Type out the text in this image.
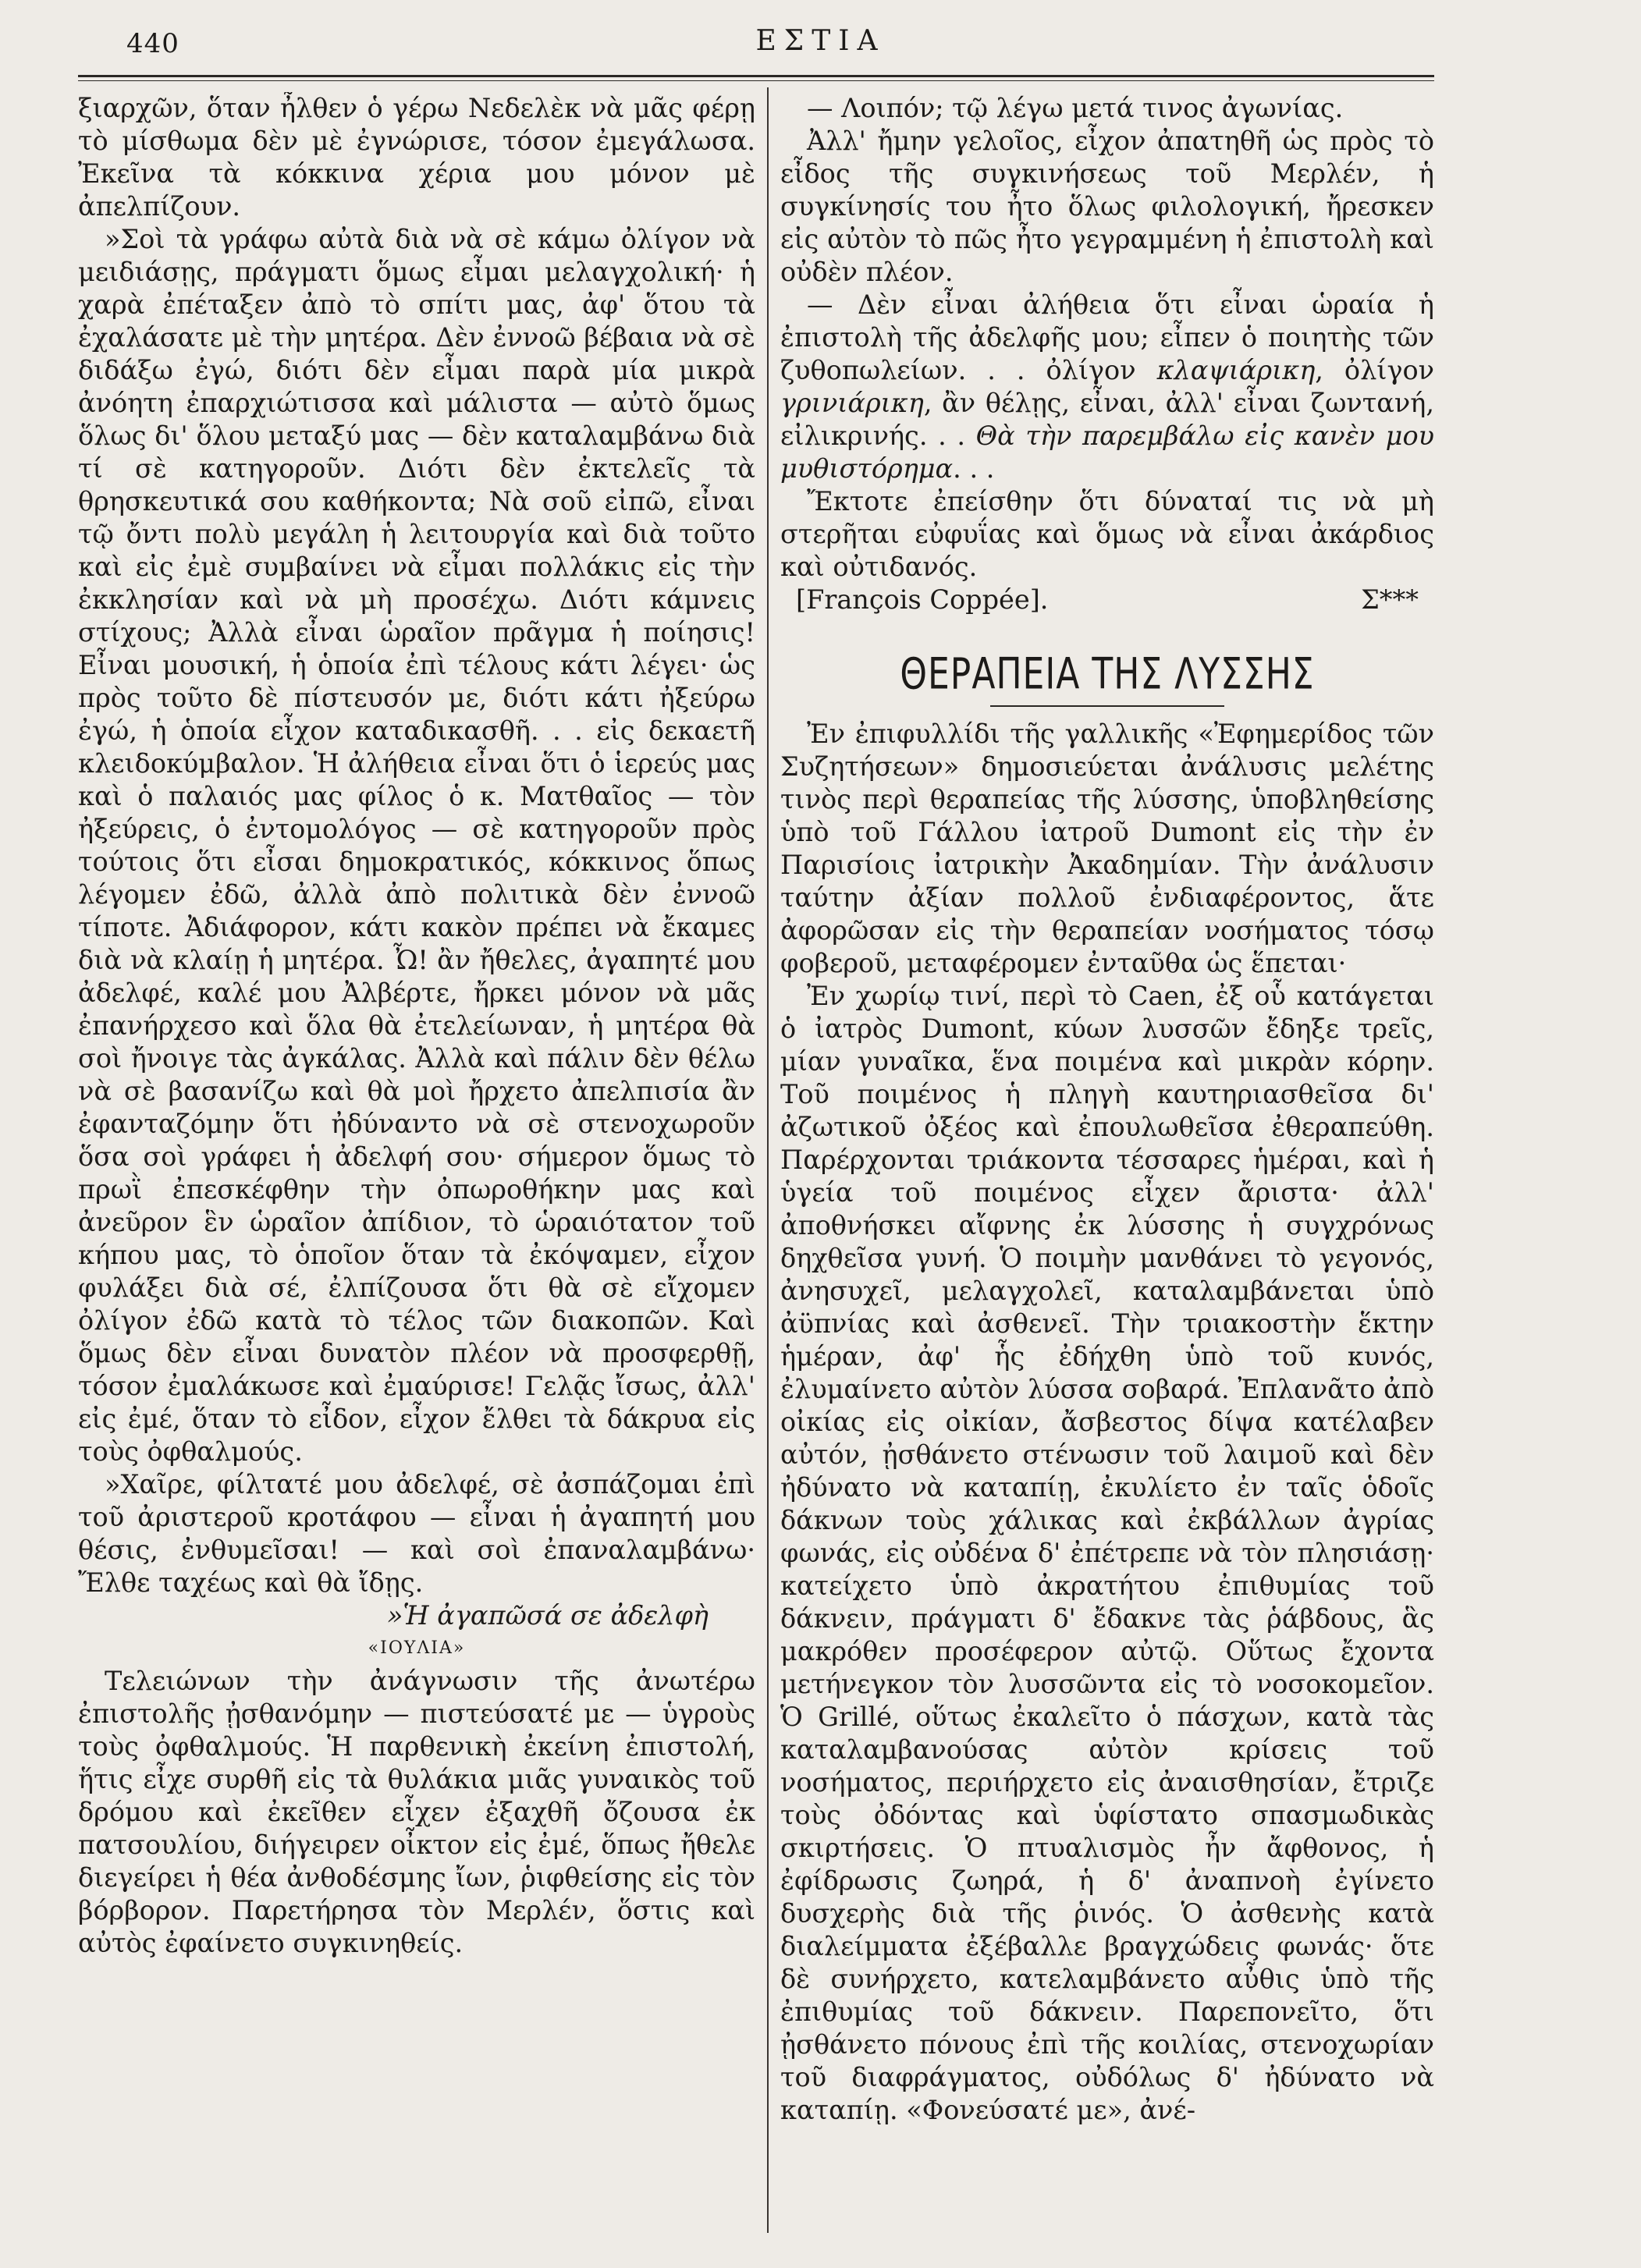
440	ΕΣΤΙΑ

ξιαρχῶν, ὅταν ἦλθεν ὁ γέρω Νεδελὲκ νὰ μᾶς φέρῃ τὸ μίσθωμα δὲν μὲ ἐγνώρισε, τόσον ἐμεγάλωσα. Ἐκεῖνα τὰ κόκκινα χέρια μου μόνον μὲ ἀπελπίζουν.

»Σοὶ τὰ γράφω αὐτὰ διὰ νὰ σὲ κάμω ὀλίγον νὰ μειδιάσῃς, πράγματι ὅμως εἶμαι μελαγχολική· ἡ χαρὰ ἐπέταξεν ἀπὸ τὸ σπίτι μας, ἀφ' ὅτου τὰ ἐχαλάσατε μὲ τὴν μητέρα. Δὲν ἐννοῶ βέβαια νὰ σὲ διδάξω ἐγώ, διότι δὲν εἶμαι παρὰ μία μικρὰ ἀνόητη ἐπαρχιώτισσα καὶ μάλιστα — αὐτὸ ὅμως ὅλως δι' ὅλου μεταξύ μας — δὲν καταλαμβάνω διὰ τί σὲ κατηγοροῦν. Διότι δὲν ἐκτελεῖς τὰ θρησκευτικά σου καθήκοντα; Νὰ σοῦ εἰπῶ, εἶναι τῷ ὄντι πολὺ μεγάλη ἡ λειτουργία καὶ διὰ τοῦτο καὶ εἰς ἐμὲ συμβαίνει νὰ εἶμαι πολλάκις εἰς τὴν ἐκκλησίαν καὶ νὰ μὴ προσέχω. Διότι κάμνεις στίχους; Ἀλλὰ εἶναι ὡραῖον πρᾶγμα ἡ ποίησις! Εἶναι μουσική, ἡ ὁποία ἐπὶ τέλους κάτι λέγει· ὡς πρὸς τοῦτο δὲ πίστευσόν με, διότι κάτι ἠξεύρω ἐγώ, ἡ ὁποία εἶχον καταδικασθῆ. . . εἰς δεκαετῆ κλειδοκύμβαλον. Ἡ ἀλήθεια εἶναι ὅτι ὁ ἱερεύς μας καὶ ὁ παλαιός μας φίλος ὁ κ. Ματθαῖος — τὸν ἠξεύρεις, ὁ ἐντομολόγος — σὲ κατηγοροῦν πρὸς τούτοις ὅτι εἶσαι δημοκρατικός, κόκκινος ὅπως λέγομεν ἐδῶ, ἀλλὰ ἀπὸ πολιτικὰ δὲν ἐννοῶ τίποτε. Ἀδιάφορον, κάτι κακὸν πρέπει νὰ ἔκαμες διὰ νὰ κλαίῃ ἡ μητέρα. Ὦ! ἂν ἤθελες, ἀγαπητέ μου ἀδελφέ, καλέ μου Ἀλβέρτε, ἤρκει μόνον νὰ μᾶς ἐπανήρχεσο καὶ ὅλα θὰ ἐτελείωναν, ἡ μητέρα θὰ σοὶ ἤνοιγε τὰς ἀγκάλας. Ἀλλὰ καὶ πάλιν δὲν θέλω νὰ σὲ βασανίζω καὶ θὰ μοὶ ἤρχετο ἀπελπισία ἂν ἐφανταζόμην ὅτι ἠδύναντο νὰ σὲ στενοχωροῦν ὅσα σοὶ γράφει ἡ ἀδελφή σου· σήμερον ὅμως τὸ πρωῒ ἐπεσκέφθην τὴν ὀπωροθήκην μας καὶ ἀνεῦρον ἓν ὡραῖον ἀπίδιον, τὸ ὡραιότατον τοῦ κήπου μας, τὸ ὁποῖον ὅταν τὰ ἐκόψαμεν, εἶχον φυλάξει διὰ σέ, ἐλπίζουσα ὅτι θὰ σὲ εἴχομεν ὀλίγον ἐδῶ κατὰ τὸ τέλος τῶν διακοπῶν. Καὶ ὅμως δὲν εἶναι δυνατὸν πλέον νὰ προσφερθῇ, τόσον ἐμαλάκωσε καὶ ἐμαύρισε! Γελᾷς ἴσως, ἀλλ' εἰς ἐμέ, ὅταν τὸ εἶδον, εἶχον ἔλθει τὰ δάκρυα εἰς τοὺς ὀφθαλμούς.

»Χαῖρε, φίλτατέ μου ἀδελφέ, σὲ ἀσπάζομαι ἐπὶ τοῦ ἀριστεροῦ κροτάφου — εἶναι ἡ ἀγαπητή μου θέσις, ἐνθυμεῖσαι! — καὶ σοὶ ἐπαναλαμβάνω· Ἔλθε ταχέως καὶ θὰ ἴδῃς.

»Ἡ ἀγαπῶσά σε ἀδελφὴ

«ΙΟΥΛΙΑ»

Τελειώνων τὴν ἀνάγνωσιν τῆς ἀνωτέρω ἐπιστολῆς ᾐσθανόμην — πιστεύσατέ με — ὑγροὺς τοὺς ὀφθαλμούς. Ἡ παρθενικὴ ἐκείνη ἐπιστολή, ἥτις εἶχε συρθῆ εἰς τὰ θυλάκια μιᾶς γυναικὸς τοῦ δρόμου καὶ ἐκεῖθεν εἶχεν ἐξαχθῆ ὄζουσα ἐκ πατσουλίου, διήγειρεν οἶκτον εἰς ἐμέ, ὅπως ἤθελε διεγείρει ἡ θέα ἀνθοδέσμης ἴων, ῥιφθείσης εἰς τὸν βόρβορον. Παρετήρησα τὸν Μερλέν, ὅστις καὶ αὐτὸς ἐφαίνετο συγκινηθείς.

— Λοιπόν; τῷ λέγω μετά τινος ἀγωνίας.

Ἀλλ' ἤμην γελοῖος, εἶχον ἀπατηθῆ ὡς πρὸς τὸ εἶδος τῆς συγκινήσεως τοῦ Μερλέν, ἡ συγκίνησίς του ἦτο ὅλως φιλολογική, ἤρεσκεν εἰς αὐτὸν τὸ πῶς ἦτο γεγραμμένη ἡ ἐπιστολὴ καὶ οὐδὲν πλέον.

— Δὲν εἶναι ἀλήθεια ὅτι εἶναι ὡραία ἡ ἐπιστολὴ τῆς ἀδελφῆς μου; εἶπεν ὁ ποιητὴς τῶν ζυθοπωλείων. . . ὀλίγον κλαψιάρικη, ὀλίγον γρινιάρικη, ἂν θέλῃς, εἶναι, ἀλλ' εἶναι ζωντανή, εἰλικρινής. . . Θὰ τὴν παρεμβάλω εἰς κανὲν μου μυθιστόρημα. . .

Ἔκτοτε ἐπείσθην ὅτι δύναταί τις νὰ μὴ στερῆται εὐφυΐας καὶ ὅμως νὰ εἶναι ἀκάρδιος καὶ οὐτιδανός.

[François Coppée].	Σ***
ΘΕΡΑΠΕΙΑ ΤΗΣ ΛΥΣΣΗΣ

Ἐν ἐπιφυλλίδι τῆς γαλλικῆς «Ἐφημερίδος τῶν Συζητήσεων» δημοσιεύεται ἀνάλυσις μελέτης τινὸς περὶ θεραπείας τῆς λύσσης, ὑποβληθείσης ὑπὸ τοῦ Γάλλου ἰατροῦ Dumont εἰς τὴν ἐν Παρισίοις ἰατρικὴν Ἀκαδημίαν. Τὴν ἀνάλυσιν ταύτην ἀξίαν πολλοῦ ἐνδιαφέροντος, ἅτε ἀφορῶσαν εἰς τὴν θεραπείαν νοσήματος τόσῳ φοβεροῦ, μεταφέρομεν ἐνταῦθα ὡς ἕπεται·

Ἐν χωρίῳ τινί, περὶ τὸ Caen, ἐξ οὗ κατάγεται ὁ ἰατρὸς Dumont, κύων λυσσῶν ἔδηξε τρεῖς, μίαν γυναῖκα, ἕνα ποιμένα καὶ μικρὰν κόρην. Τοῦ ποιμένος ἡ πληγὴ καυτηριασθεῖσα δι' ἀζωτικοῦ ὀξέος καὶ ἐπουλωθεῖσα ἐθεραπεύθη. Παρέρχονται τριάκοντα τέσσαρες ἡμέραι, καὶ ἡ ὑγεία τοῦ ποιμένος εἶχεν ἄριστα· ἀλλ' ἀποθνήσκει αἴφνης ἐκ λύσσης ἡ συγχρόνως δηχθεῖσα γυνή. Ὁ ποιμὴν μανθάνει τὸ γεγονός, ἀνησυχεῖ, μελαγχολεῖ, καταλαμβάνεται ὑπὸ ἀϋπνίας καὶ ἀσθενεῖ. Τὴν τριακοστὴν ἕκτην ἡμέραν, ἀφ' ἧς ἐδήχθη ὑπὸ τοῦ κυνός, ἐλυμαίνετο αὐτὸν λύσσα σοβαρά. Ἐπλανᾶτο ἀπὸ οἰκίας εἰς οἰκίαν, ἄσβεστος δίψα κατέλαβεν αὐτόν, ᾐσθάνετο στένωσιν τοῦ λαιμοῦ καὶ δὲν ἠδύνατο νὰ καταπίῃ, ἐκυλίετο ἐν ταῖς ὁδοῖς δάκνων τοὺς χάλικας καὶ ἐκβάλλων ἀγρίας φωνάς, εἰς οὐδένα δ' ἐπέτρεπε νὰ τὸν πλησιάσῃ· κατείχετο ὑπὸ ἀκρατήτου ἐπιθυμίας τοῦ δάκνειν, πράγματι δ' ἔδακνε τὰς ῥάβδους, ἃς μακρόθεν προσέφερον αὐτῷ. Οὕτως ἔχοντα μετήνεγκον τὸν λυσσῶντα εἰς τὸ νοσοκομεῖον. Ὁ Grillé, οὕτως ἐκαλεῖτο ὁ πάσχων, κατὰ τὰς καταλαμβανούσας αὐτὸν κρίσεις τοῦ νοσήματος, περιήρχετο εἰς ἀναισθησίαν, ἔτριζε τοὺς ὀδόντας καὶ ὑφίστατο σπασμωδικὰς σκιρτήσεις. Ὁ πτυαλισμὸς ἦν ἄφθονος, ἡ ἐφίδρωσις ζωηρά, ἡ δ' ἀναπνοὴ ἐγίνετο δυσχερὴς διὰ τῆς ῥινός. Ὁ ἀσθενὴς κατὰ διαλείμματα ἐξέβαλλε βραγχώδεις φωνάς· ὅτε δὲ συνήρχετο, κατελαμβάνετο αὖθις ὑπὸ τῆς ἐπιθυμίας τοῦ δάκνειν. Παρεπονεῖτο, ὅτι ᾐσθάνετο πόνους ἐπὶ τῆς κοιλίας, στενοχωρίαν τοῦ διαφράγματος, οὐδόλως δ' ἠδύνατο νὰ καταπίῃ. «Φονεύσατέ με», ἀνέ-
